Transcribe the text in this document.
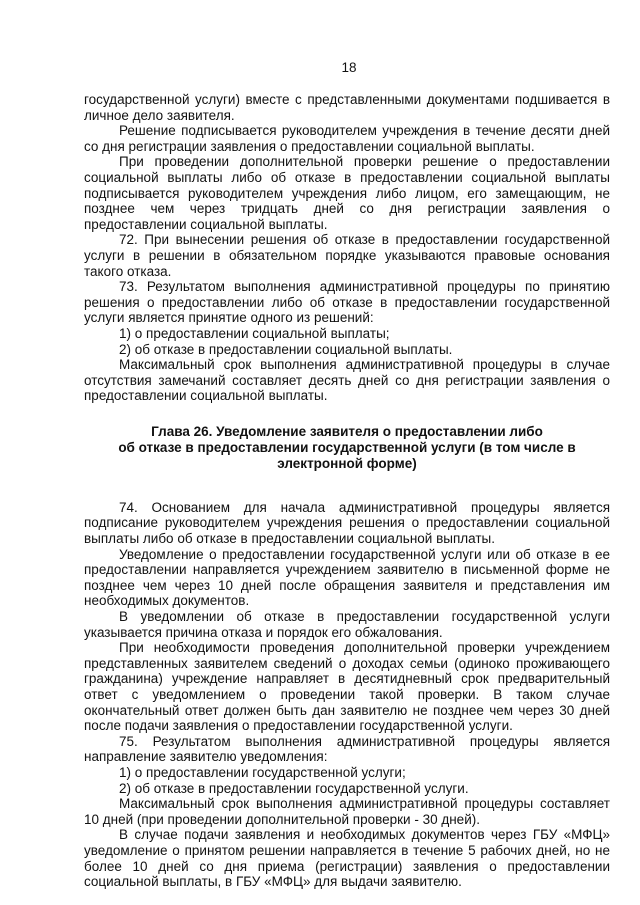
18

государственной услуги) вместе с представленными документами подшивается в личное дело заявителя.

Решение подписывается руководителем учреждения в течение десяти дней со дня регистрации заявления о предоставлении социальной выплаты.

При проведении дополнительной проверки решение о предоставлении социальной выплаты либо об отказе в предоставлении социальной выплаты подписывается руководителем учреждения либо лицом, его замещающим, не позднее чем через тридцать дней со дня регистрации заявления о предоставлении социальной выплаты.

72. При вынесении решения об отказе в предоставлении государственной услуги в решении в обязательном порядке указываются правовые основания такого отказа.

73. Результатом выполнения административной процедуры по принятию решения о предоставлении либо об отказе в предоставлении государственной услуги является принятие одного из решений:

1) о предоставлении социальной выплаты;

2) об отказе в предоставлении социальной выплаты.

Максимальный срок выполнения административной процедуры в случае отсутствия замечаний составляет десять дней со дня регистрации заявления о предоставлении социальной выплаты.

Глава 26. Уведомление заявителя о предоставлении либо
об отказе в предоставлении государственной услуги (в том числе в электронной форме)

74. Основанием для начала административной процедуры является подписание руководителем учреждения решения о предоставлении социальной выплаты либо об отказе в предоставлении социальной выплаты.

Уведомление о предоставлении государственной услуги или об отказе в ее предоставлении направляется учреждением заявителю в письменной форме не позднее чем через 10 дней после обращения заявителя и представления им необходимых документов.

В уведомлении об отказе в предоставлении государственной услуги указывается причина отказа и порядок его обжалования.

При необходимости проведения дополнительной проверки учреждением представленных заявителем сведений о доходах семьи (одиноко проживающего гражданина) учреждение направляет в десятидневный срок предварительный ответ с уведомлением о проведении такой проверки. В таком случае окончательный ответ должен быть дан заявителю не позднее чем через 30 дней после подачи заявления о предоставлении государственной услуги.

75. Результатом выполнения административной процедуры является направление заявителю уведомления:

1) о предоставлении государственной услуги;

2) об отказе в предоставлении государственной услуги.

Максимальный срок выполнения административной процедуры составляет 10 дней (при проведении дополнительной проверки - 30 дней).

В случае подачи заявления и необходимых документов через ГБУ «МФЦ» уведомление о принятом решении направляется в течение 5 рабочих дней, но не более 10 дней со дня приема (регистрации) заявления о предоставлении социальной выплаты, в ГБУ «МФЦ» для выдачи заявителю.
